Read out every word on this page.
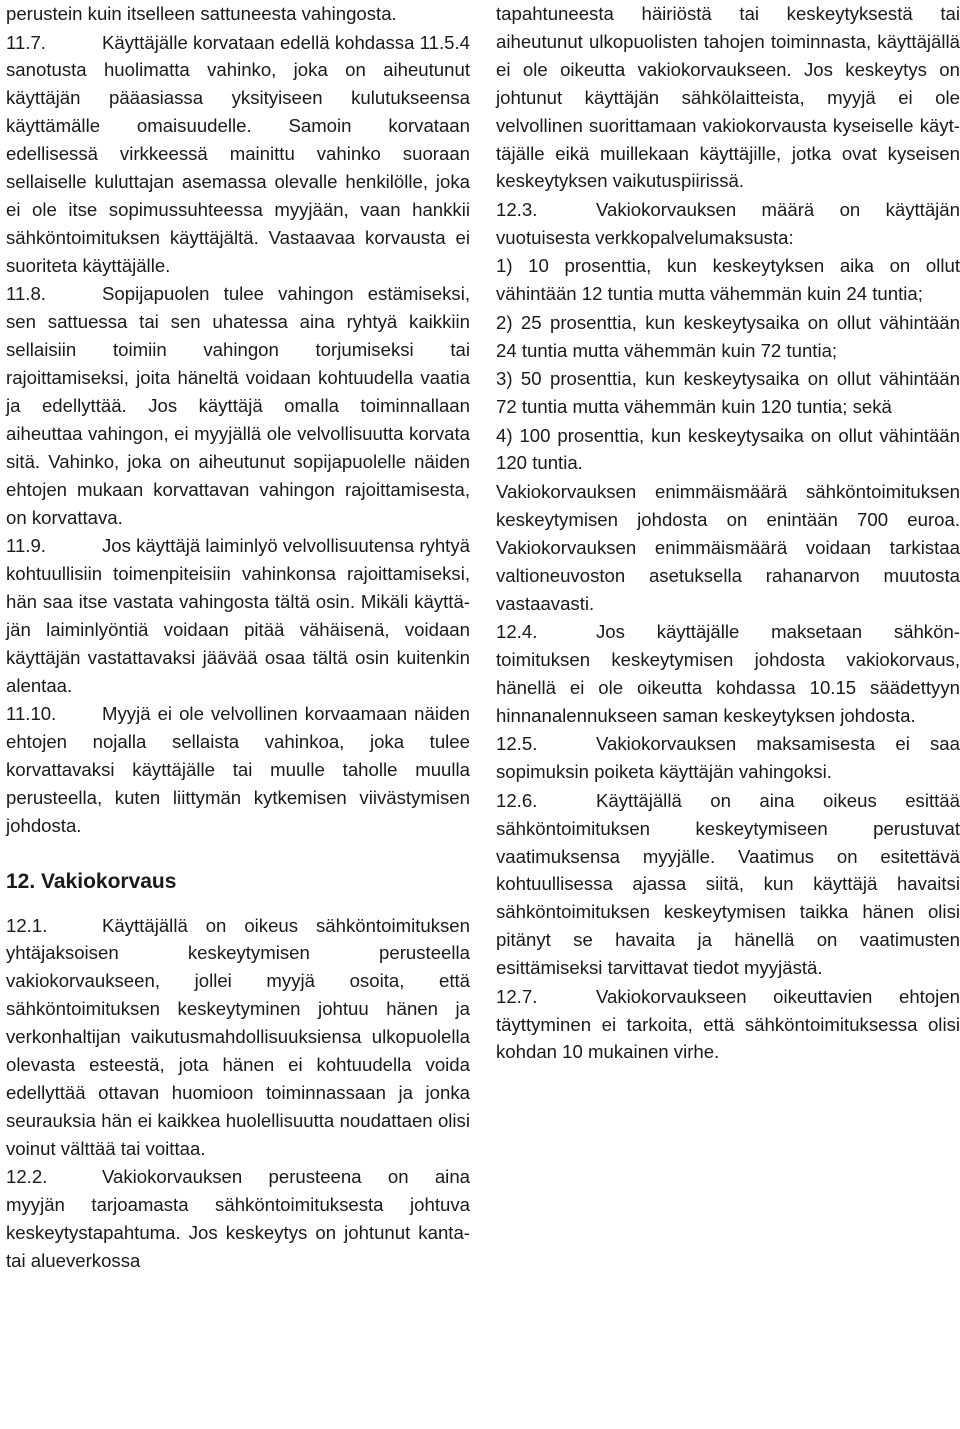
perustein kuin itselleen sattuneesta vahingosta.

11.7.	Käyttäjälle korvataan edellä kohdassa 11.5.4 sanotusta huolimatta vahinko, joka on aiheutunut käyttäjän pääasiassa yksityiseen kulutukseensa käyttämälle omaisuudelle. Samoin korvataan edellisessä virkkeessä mainittu vahinko suoraan sellaiselle kuluttajan asemassa olevalle henkilölle, joka ei ole itse sopimussuhteessa myyjään, vaan hankkii sähköntoimituksen käyttäjältä. Vastaavaa korvausta ei suoriteta käyttäjälle.

11.8.	Sopijapuolen tulee vahingon estämiseksi, sen sattuessa tai sen uhatessa aina ryhtyä kaikkiin sellaisiin toimiin vahingon torjumiseksi tai rajoittamiseksi, joita häneltä voidaan kohtuudella vaatia ja edellyttää. Jos käyttäjä omalla toiminnallaan aiheuttaa vahingon, ei myyjällä ole velvollisuutta korvata sitä. Vahinko, joka on aiheutunut sopijapuolelle näiden ehtojen mukaan korvattavan vahingon rajoittamisesta, on korvattava.

11.9.	Jos käyttäjä laiminlyö velvollisuutensa ryhtyä kohtuullisiin toimenpiteisiin vahinkonsa rajoittamiseksi, hän saa itse vastata vahingosta tältä osin. Mikäli käyttäjän laiminlyöntiä voidaan pitää vähäisenä, voidaan käyttäjän vastattavaksi jäävää osaa tältä osin kuitenkin alentaa.

11.10. Myyjä ei ole velvollinen korvaamaan näiden ehtojen nojalla sellaista vahinkoa, joka tulee korvattavaksi käyttäjälle tai muulle taholle muulla perusteella, kuten liittymän kytkemisen viivästymisen johdosta.

12. Vakiokorvaus

12.1.	Käyttäjällä on oikeus sähköntoimituksen yhtäjaksoisen keskeytymisen perusteella vakiokorvaukseen, jollei myyjä osoita, että sähköntoimituksen keskeytyminen johtuu hänen ja verkonhaltijan vaikutusmahdollisuuksiensa ulkopuolella olevasta esteestä, jota hänen ei kohtuudella voida edellyttää ottavan huomioon toiminnassaan ja jonka seurauksia hän ei kaikkea huolellisuutta noudattaen olisi voinut välttää tai voittaa.

12.2.	Vakiokorvauksen perusteena on aina myyjän tarjoamasta sähköntoimituksesta johtuva keskeytystapahtuma. Jos keskeytys on johtunut kanta- tai alueverkossa

tapahtuneesta häiriöstä tai keskeytyksestä tai aiheutunut ulkopuolisten tahojen toiminnasta, käyttäjällä ei ole oikeutta vakiokorvaukseen. Jos keskeytys on johtunut käyttäjän sähkölaitteista, myyjä ei ole velvollinen suorittamaan vakiokorvausta kyseiselle käyttäjälle eikä muillekaan käyttäjille, jotka ovat kyseisen keskeytyksen vaikutuspiirissä.

12.3.	Vakiokorvauksen määrä on käyttäjän vuotuisesta verkkopalvelumaksusta:

1) 10 prosenttia, kun keskeytyksen aika on ollut vähintään 12 tuntia mutta vähemmän kuin 24 tuntia;

2) 25 prosenttia, kun keskeytysaika on ollut vähintään 24 tuntia mutta vähemmän kuin 72 tuntia;

3) 50 prosenttia, kun keskeytysaika on ollut vähintään 72 tuntia mutta vähemmän kuin 120 tuntia; sekä

4) 100 prosenttia, kun keskeytysaika on ollut vähintään 120 tuntia.

Vakiokorvauksen enimmäismäärä sähköntoimituksen keskeytymisen johdosta on enintään 700 euroa. Vakiokorvauksen enimmäismäärä voidaan tarkistaa valtioneuvoston asetuksella rahanarvon muutosta vastaavasti.

12.4.	Jos käyttäjälle maksetaan sähköntoimituksen keskeytymisen johdosta vakiokorvaus, hänellä ei ole oikeutta kohdassa 10.15 säädettyyn hinnanalennukseen saman keskeytyksen johdosta.

12.5.	Vakiokorvauksen maksamisesta ei saa sopimuksin poiketa käyttäjän vahingoksi.

12.6.	Käyttäjällä on aina oikeus esittää sähköntoimituksen keskeytymiseen perustuvat vaatimuksensa myyjälle. Vaatimus on esitettävä kohtuullisessa ajassa siitä, kun käyttäjä havaitsi sähköntoimituksen keskeytymisen taikka hänen olisi pitänyt se havaita ja hänellä on vaatimusten esittämiseksi tarvittavat tiedot myyjästä.

12.7.	Vakiokorvaukseen oikeuttavien ehtojen täyttyminen ei tarkoita, että sähköntoimituksessa olisi kohdan 10 mukainen virhe.
